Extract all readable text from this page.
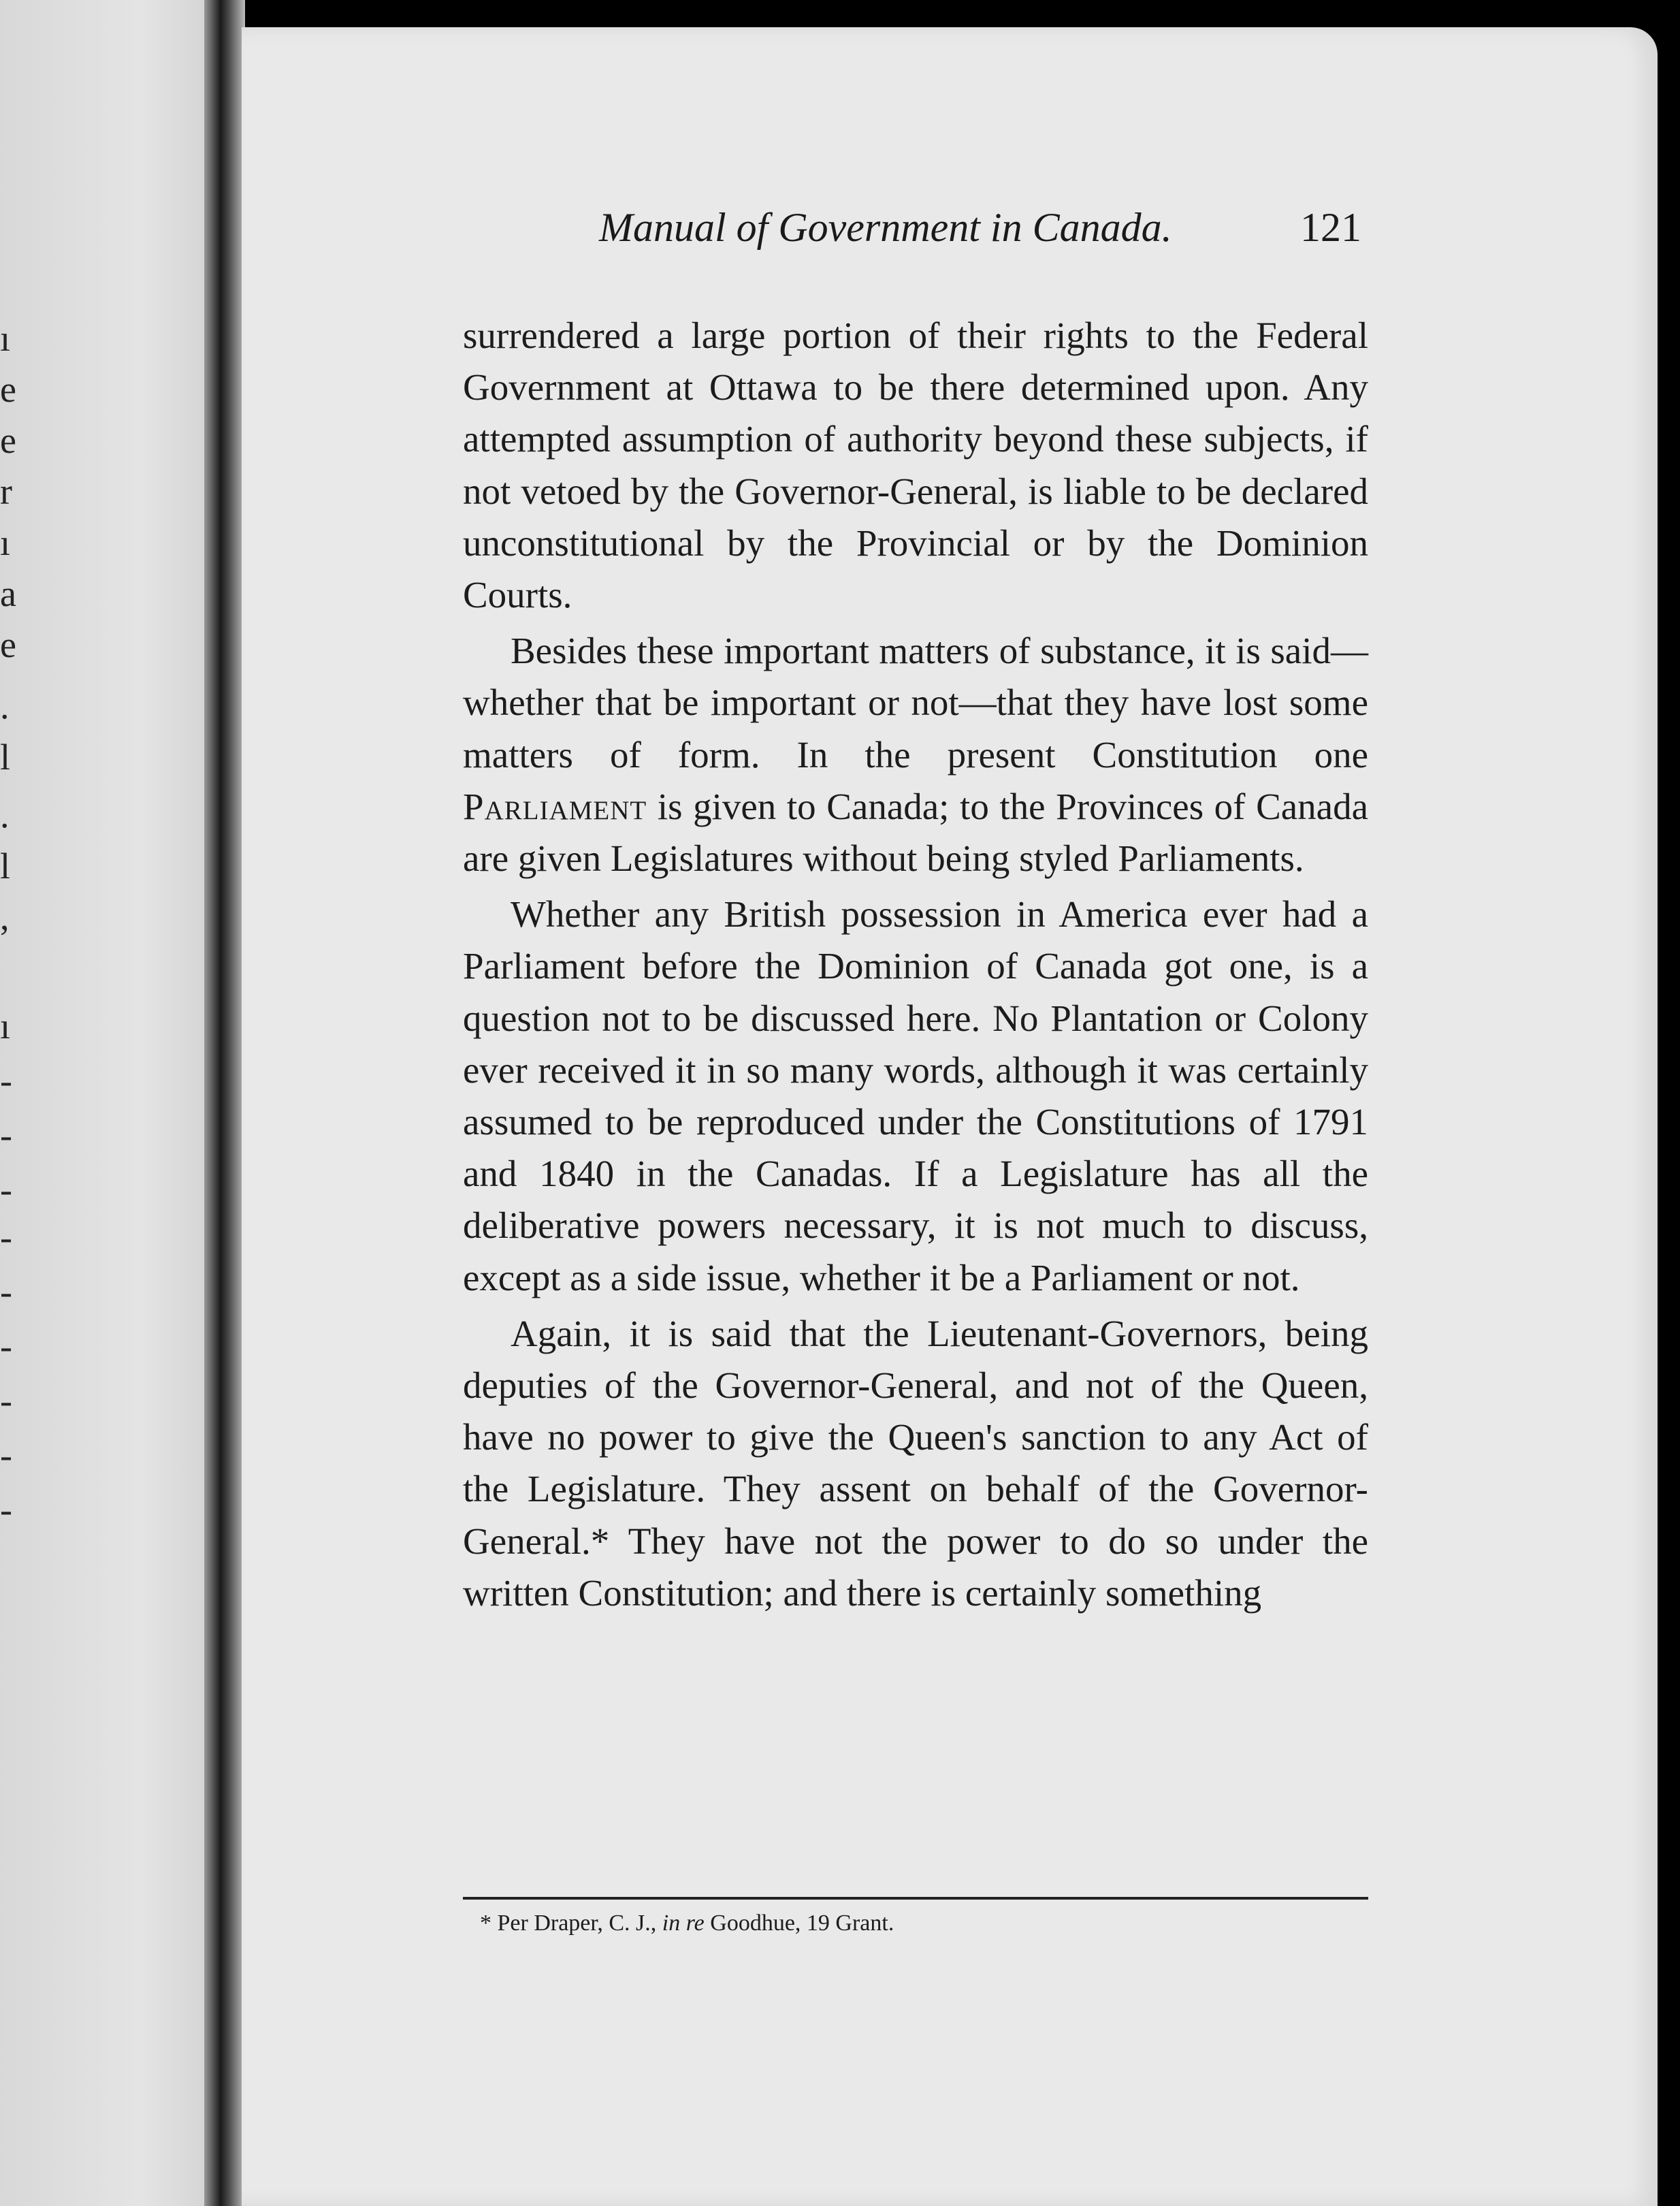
ı
e
e
r
ı
a
e
.
l
.
l
,
ı
-
-
-
-
-
-
-
-
-
Manual of Government in Canada.	121

surrendered a large portion of their rights to the Federal Government at Ottawa to be there determined upon. Any attempted assumption of authority beyond these subjects, if not vetoed by the Governor-General, is liable to be declared unconstitutional by the Provincial or by the Dominion Courts.

Besides these important matters of substance, it is said—whether that be important or not—that they have lost some matters of form. In the present Constitution one Parliament is given to Canada; to the Provinces of Canada are given Legislatures without being styled Parliaments.

Whether any British possession in America ever had a Parliament before the Dominion of Canada got one, is a question not to be discussed here. No Plantation or Colony ever received it in so many words, although it was certainly assumed to be reproduced under the Constitutions of 1791 and 1840 in the Canadas. If a Legislature has all the deliberative powers necessary, it is not much to discuss, except as a side issue, whether it be a Parliament or not.

Again, it is said that the Lieutenant-Governors, being deputies of the Governor-General, and not of the Queen, have no power to give the Queen's sanction to any Act of the Legislature. They assent on behalf of the Governor-General.* They have not the power to do so under the written Constitution; and there is certainly something

* Per Draper, C. J., in re Goodhue, 19 Grant.
